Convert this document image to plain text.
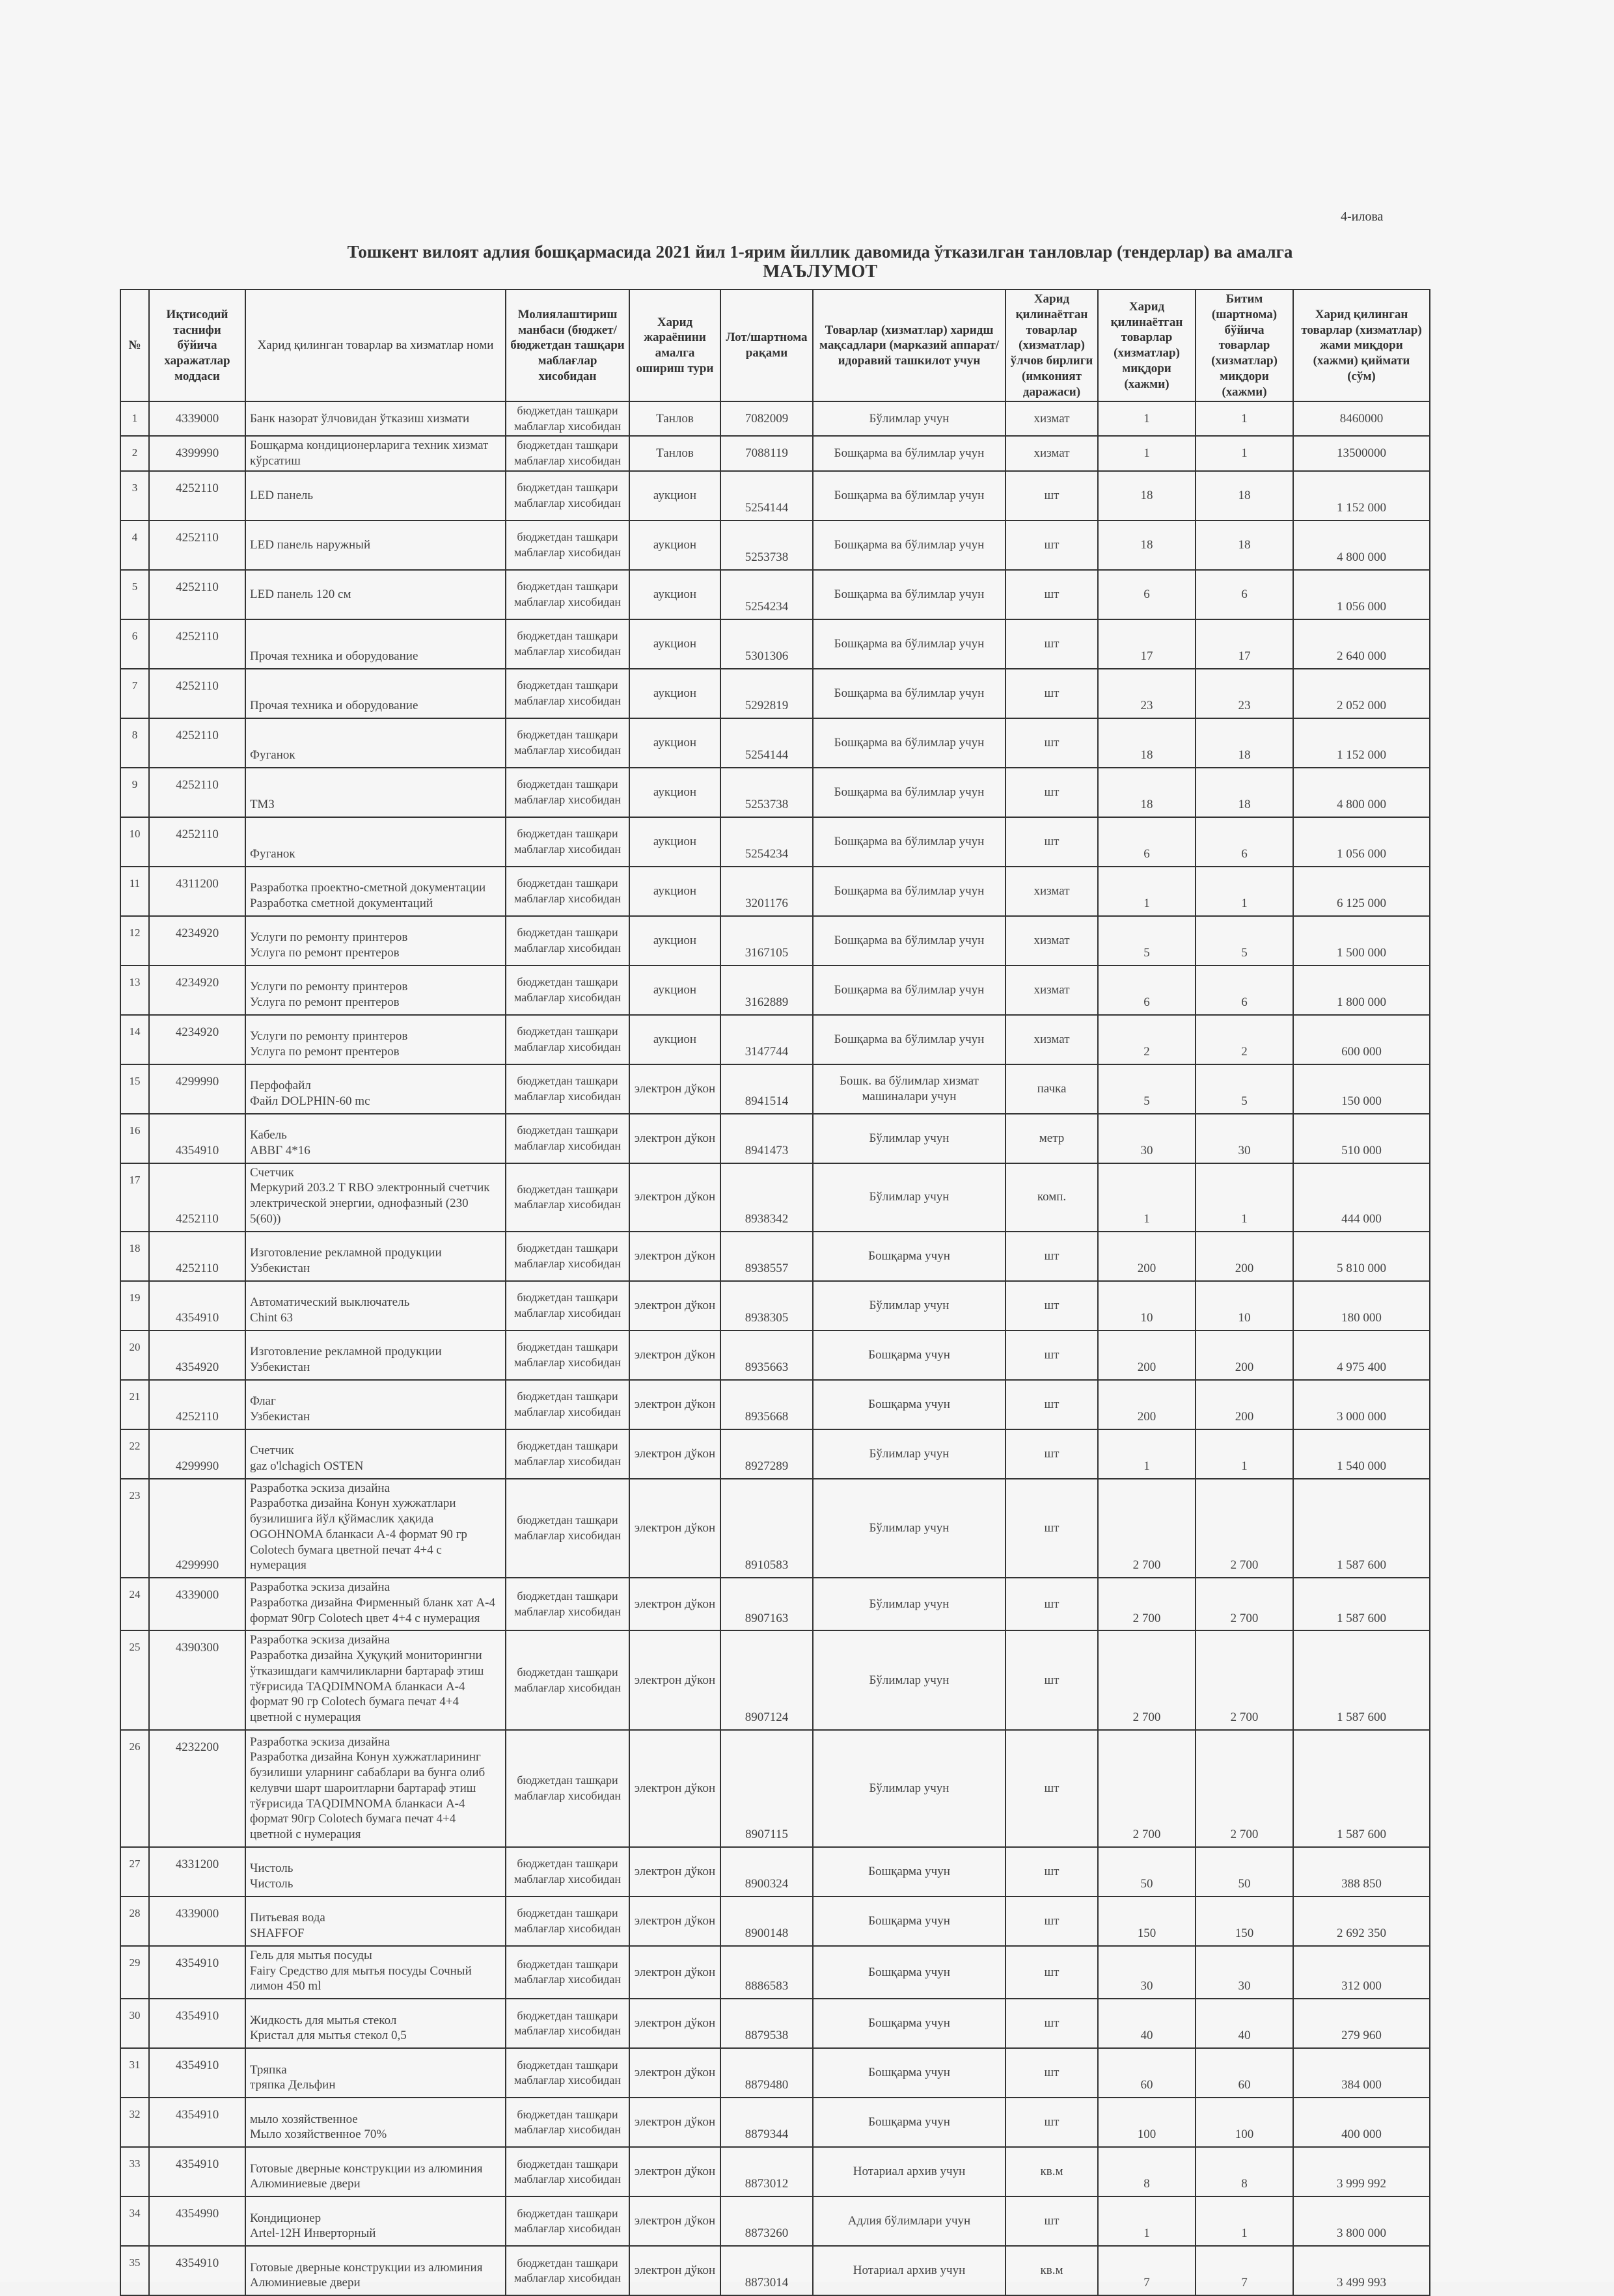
4-илова
Тошкент вилоят адлия бошқармасида 2021 йил 1-ярим йиллик давомида ўтказилган танловлар (тендерлар) ва амалга
МАЪЛУМОТ
№	Иқтисодий таснифи бўйича харажатлар моддаси	Харид қилинган товарлар ва хизматлар номи	Молиялаштириш манбаси (бюджет/бюджетдан ташқари маблағлар хисобидан	Харид жараёнини амалга ошириш тури	Лот/шартнома рақами	Товарлар (хизматлар) харидш мақсадлари (марказий аппарат/идоравий ташкилот учун	Харид қилинаётган товарлар (хизматлар) ўлчов бирлиги (имконият даражаси)	Харид қилинаётган товарлар (хизматлар) миқдори (хажми)	Битим (шартнома) бўйича товарлар (хизматлар) миқдори (хажми)	Харид қилинган товарлар (хизматлар) жами миқдори (хажми) қиймати (сўм)
1	4339000	Банк назорат ўлчовидан ўтказиш хизмати	бюджетдан ташқари маблағлар хисобидан	Танлов	7082009	Бўлимлар учун	хизмат	1	1	8460000
2	4399990	Бошқарма кондиционерларига техник хизмат кўрсатиш	бюджетдан ташқари маблағлар хисобидан	Танлов	7088119	Бошқарма ва бўлимлар учун	хизмат	1	1	13500000
3	4252110	LED панель	бюджетдан ташқари маблағлар хисобидан	аукцион	5254144	Бошқарма ва бўлимлар учун	шт	18	18	1 152 000
4	4252110	LED панель наружный	бюджетдан ташқари маблағлар хисобидан	аукцион	5253738	Бошқарма ва бўлимлар учун	шт	18	18	4 800 000
5	4252110	LED панель 120 см	бюджетдан ташқари маблағлар хисобидан	аукцион	5254234	Бошқарма ва бўлимлар учун	шт	6	6	1 056 000
6	4252110	Прочая техника и оборудование	бюджетдан ташқари маблағлар хисобидан	аукцион	5301306	Бошқарма ва бўлимлар учун	шт	17	17	2 640 000
7	4252110	Прочая техника и оборудование	бюджетдан ташқари маблағлар хисобидан	аукцион	5292819	Бошқарма ва бўлимлар учун	шт	23	23	2 052 000
8	4252110	Фуганок	бюджетдан ташқари маблағлар хисобидан	аукцион	5254144	Бошқарма ва бўлимлар учун	шт	18	18	1 152 000
9	4252110	ТМЗ	бюджетдан ташқари маблағлар хисобидан	аукцион	5253738	Бошқарма ва бўлимлар учун	шт	18	18	4 800 000
10	4252110	Фуганок	бюджетдан ташқари маблағлар хисобидан	аукцион	5254234	Бошқарма ва бўлимлар учун	шт	6	6	1 056 000
11	4311200	Разработка проектно-сметной документации
Разработка сметной документаций	бюджетдан ташқари маблағлар хисобидан	аукцион	3201176	Бошқарма ва бўлимлар учун	хизмат	1	1	6 125 000
12	4234920	Услуги по ремонту принтеров
Услуга по ремонт прентеров	бюджетдан ташқари маблағлар хисобидан	аукцион	3167105	Бошқарма ва бўлимлар учун	хизмат	5	5	1 500 000
13	4234920	Услуги по ремонту принтеров
Услуга по ремонт прентеров	бюджетдан ташқари маблағлар хисобидан	аукцион	3162889	Бошқарма ва бўлимлар учун	хизмат	6	6	1 800 000
14	4234920	Услуги по ремонту принтеров
Услуга по ремонт прентеров	бюджетдан ташқари маблағлар хисобидан	аукцион	3147744	Бошқарма ва бўлимлар учун	хизмат	2	2	600 000
15	4299990	Перфофайл
Файл DOLPHIN-60 mc	бюджетдан ташқари маблағлар хисобидан	электрон дўкон	8941514	Бошк. ва бўлимлар хизмат машиналари учун	пачка	5	5	150 000
16	4354910	Кабель
АВВГ 4*16	бюджетдан ташқари маблағлар хисобидан	электрон дўкон	8941473	Бўлимлар учун	метр	30	30	510 000
17	4252110	Счетчик
Меркурий 203.2 T RBO электронный счетчик электрической энергии, однофазный (230 5(60))	бюджетдан ташқари маблағлар хисобидан	электрон дўкон	8938342	Бўлимлар учун	комп.	1	1	444 000
18	4252110	Изготовление рекламной продукции
Узбекистан	бюджетдан ташқари маблағлар хисобидан	электрон дўкон	8938557	Бошқарма учун	шт	200	200	5 810 000
19	4354910	Автоматический выключатель
Chint 63	бюджетдан ташқари маблағлар хисобидан	электрон дўкон	8938305	Бўлимлар учун	шт	10	10	180 000
20	4354920	Изготовление рекламной продукции
Узбекистан	бюджетдан ташқари маблағлар хисобидан	электрон дўкон	8935663	Бошқарма учун	шт	200	200	4 975 400
21	4252110	Флаг
Узбекистан	бюджетдан ташқари маблағлар хисобидан	электрон дўкон	8935668	Бошқарма учун	шт	200	200	3 000 000
22	4299990	Счетчик
gaz o'lchagich OSTEN	бюджетдан ташқари маблағлар хисобидан	электрон дўкон	8927289	Бўлимлар учун	шт	1	1	1 540 000
23	4299990	Разработка эскиза дизайна
Разработка дизайна Конун хужжатлари бузилишига йўл қўймаслик ҳақида OGOHNOMA бланкаси А-4 формат 90 гр Colotech бумага цветной печат 4+4 с нумерация	бюджетдан ташқари маблағлар хисобидан	электрон дўкон	8910583	Бўлимлар учун	шт	2 700	2 700	1 587 600
24	4339000	Разработка эскиза дизайна
Разработка дизайна Фирменный бланк хат А-4 формат 90гр Colotech цвет 4+4 с нумерация	бюджетдан ташқари маблағлар хисобидан	электрон дўкон	8907163	Бўлимлар учун	шт	2 700	2 700	1 587 600
25	4390300	Разработка эскиза дизайна
Разработка дизайна Ҳуқуқий мониторингни ўтказишдаги камчиликларни бартараф этиш тўғрисида TAQDIMNOMA бланкаси А-4 формат 90 гр Colotech бумага печат 4+4 цветной с нумерация	бюджетдан ташқари маблағлар хисобидан	электрон дўкон	8907124	Бўлимлар учун	шт	2 700	2 700	1 587 600
26	4232200	Разработка эскиза дизайна
Разработка дизайна Конун хужжатларининг бузилиши уларнинг сабаблари ва бунга олиб келувчи шарт шароитларни бартараф этиш тўғрисида TAQDIMNOMA бланкаси А-4 формат 90гр Colotech бумага печат 4+4 цветной с нумерация	бюджетдан ташқари маблағлар хисобидан	электрон дўкон	8907115	Бўлимлар учун	шт	2 700	2 700	1 587 600
27	4331200	Чистоль
Чистоль	бюджетдан ташқари маблағлар хисобидан	электрон дўкон	8900324	Бошқарма учун	шт	50	50	388 850
28	4339000	Питьевая вода
SHAFFOF	бюджетдан ташқари маблағлар хисобидан	электрон дўкон	8900148	Бошқарма учун	шт	150	150	2 692 350
29	4354910	Гель для мытья посуды
Fairy Средство для мытья посуды Сочный лимон 450 ml	бюджетдан ташқари маблағлар хисобидан	электрон дўкон	8886583	Бошқарма учун	шт	30	30	312 000
30	4354910	Жидкость для мытья стекол
Кристал для мытья стекол 0,5	бюджетдан ташқари маблағлар хисобидан	электрон дўкон	8879538	Бошқарма учун	шт	40	40	279 960
31	4354910	Тряпка
тряпка Дельфин	бюджетдан ташқари маблағлар хисобидан	электрон дўкон	8879480	Бошқарма учун	шт	60	60	384 000
32	4354910	мыло хозяйственное
Мыло хозяйственное 70%	бюджетдан ташқари маблағлар хисобидан	электрон дўкон	8879344	Бошқарма учун	шт	100	100	400 000
33	4354910	Готовые дверные конструкции из алюминия
Алюминиевые двери	бюджетдан ташқари маблағлар хисобидан	электрон дўкон	8873012	Нотариал архив учун	кв.м	8	8	3 999 992
34	4354990	Кондиционер
Artel-12H Инверторный	бюджетдан ташқари маблағлар хисобидан	электрон дўкон	8873260	Адлия бўлимлари учун	шт	1	1	3 800 000
35	4354910	Готовые дверные конструкции из алюминия
Алюминиевые двери	бюджетдан ташқари маблағлар хисобидан	электрон дўкон	8873014	Нотариал архив учун	кв.м	7	7	3 499 993
